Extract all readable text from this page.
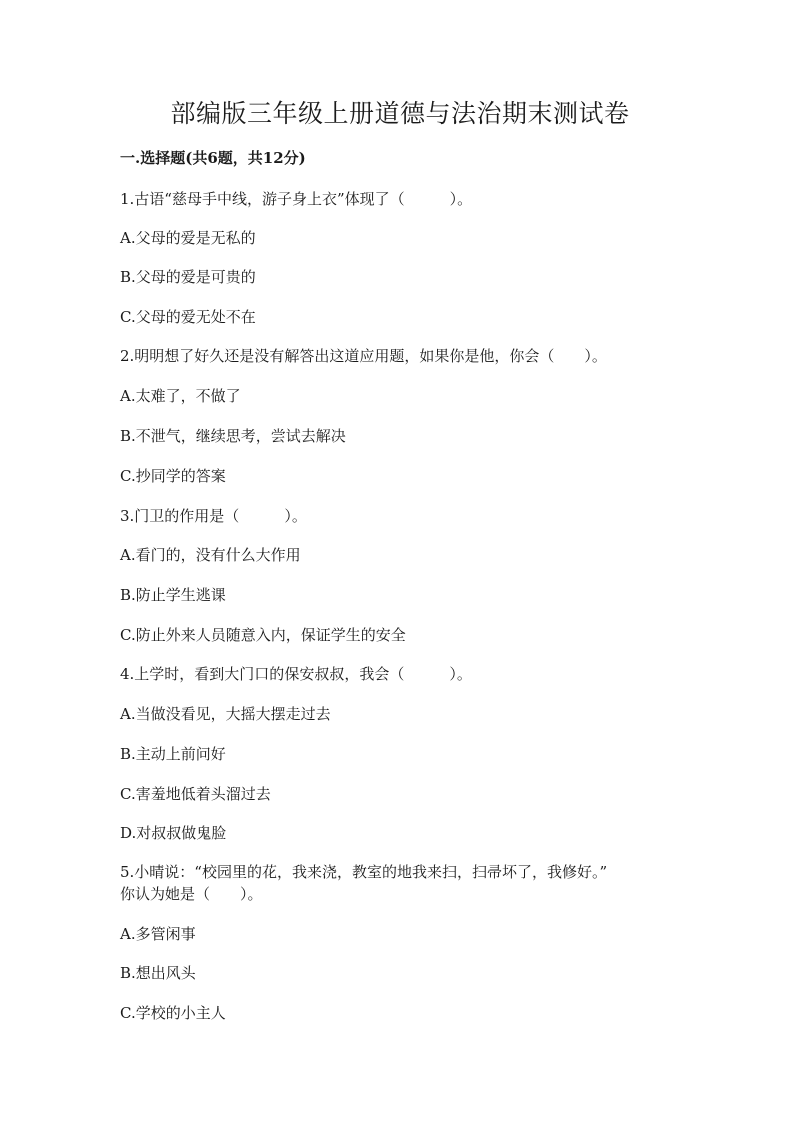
部编版三年级上册道德与法治期末测试卷
一.选择题(共6题，共12分)
1.古语“慈母手中线，游子身上衣”体现了（　　　）。
A.父母的爱是无私的
B.父母的爱是可贵的
C.父母的爱无处不在
2.明明想了好久还是没有解答出这道应用题，如果你是他，你会（　　）。
A.太难了，不做了
B.不泄气，继续思考，尝试去解决
C.抄同学的答案
3.门卫的作用是（　　　）。
A.看门的，没有什么大作用
B.防止学生逃课
C.防止外来人员随意入内，保证学生的安全
4.上学时，看到大门口的保安叔叔，我会（　　　）。
A.当做没看见，大摇大摆走过去
B.主动上前问好
C.害羞地低着头溜过去
D.对叔叔做鬼脸
5.小晴说：“校园里的花，我来浇，教室的地我来扫，扫帚坏了，我修好。”
你认为她是（　　）。
A.多管闲事
B.想出风头
C.学校的小主人
